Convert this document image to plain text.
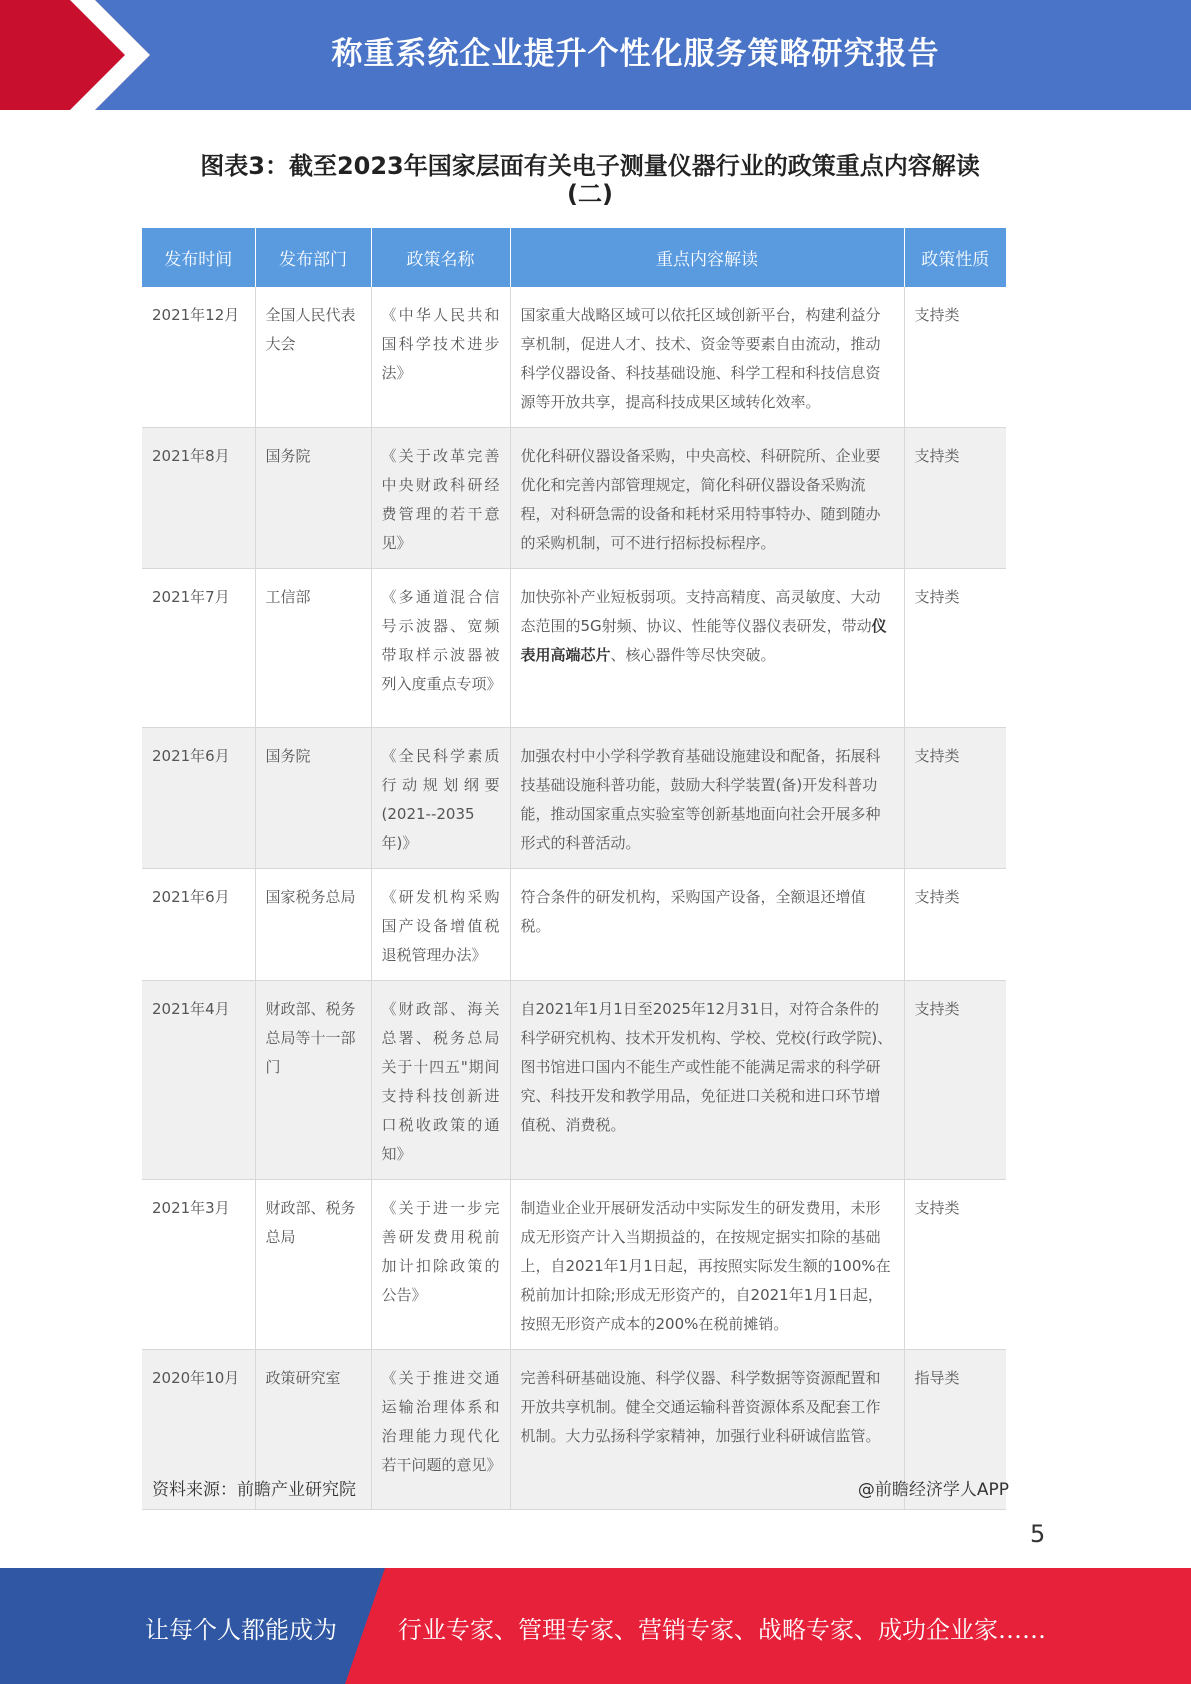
称重系统企业提升个性化服务策略研究报告
图表3：截至2023年国家层面有关电子测量仪器行业的政策重点内容解读
(二)
发布时间	发布部门	政策名称	重点内容解读	政策性质
2021年12月	全国人民代表大会	《中华人民共和国科学技术进步法》	国家重大战略区域可以依托区域创新平台，构建利益分享机制，促进人才、技术、资金等要素自由流动，推动科学仪器设备、科技基础设施、科学工程和科技信息资源等开放共享，提高科技成果区域转化效率。	支持类
2021年8月	国务院	《关于改革完善中央财政科研经费管理的若干意见》	优化科研仪器设备采购，中央高校、科研院所、企业要优化和完善内部管理规定，简化科研仪器设备采购流程，对科研急需的设备和耗材采用特事特办、随到随办的采购机制，可不进行招标投标程序。	支持类
2021年7月	工信部	《多通道混合信号示波器、宽频带取样示波器被列入度重点专项》	加快弥补产业短板弱项。支持高精度、高灵敏度、大动态范围的5G射频、协议、性能等仪器仪表研发，带动仪表用高端芯片、核心器件等尽快突破。	支持类
2021年6月	国务院	《全民科学素质行动规划纲要(2021--2035年)》	加强农村中小学科学教育基础设施建设和配备，拓展科技基础设施科普功能，鼓励大科学装置(备)开发科普功能，推动国家重点实验室等创新基地面向社会开展多种形式的科普活动。	支持类
2021年6月	国家税务总局	《研发机构采购国产设备增值税退税管理办法》	符合条件的研发机构，采购国产设备，全额退还增值税。	支持类
2021年4月	财政部、税务总局等十一部门	《财政部、海关总署、税务总局关于十四五"期间支持科技创新进口税收政策的通知》	自2021年1月1日至2025年12月31日，对符合条件的科学研究机构、技术开发机构、学校、党校(行政学院)、图书馆进口国内不能生产或性能不能满足需求的科学研究、科技开发和教学用品，免征进口关税和进口环节增值税、消费税。	支持类
2021年3月	财政部、税务总局	《关于进一步完善研发费用税前加计扣除政策的公告》	制造业企业开展研发活动中实际发生的研发费用，未形成无形资产计入当期损益的，在按规定据实扣除的基础上，自2021年1月1日起，再按照实际发生额的100%在税前加计扣除;形成无形资产的，自2021年1月1日起，按照无形资产成本的200%在税前摊销。	支持类
2020年10月	政策研究室	《关于推进交通运输治理体系和治理能力现代化若干问题的意见》	完善科研基础设施、科学仪器、科学数据等资源配置和开放共享机制。健全交通运输科普资源体系及配套工作机制。大力弘扬科学家精神，加强行业科研诚信监管。	指导类
资料来源：前瞻产业研究院	@前瞻经济学人APP
5
让每个人都能成为	行业专家、管理专家、营销专家、战略专家、成功企业家……
